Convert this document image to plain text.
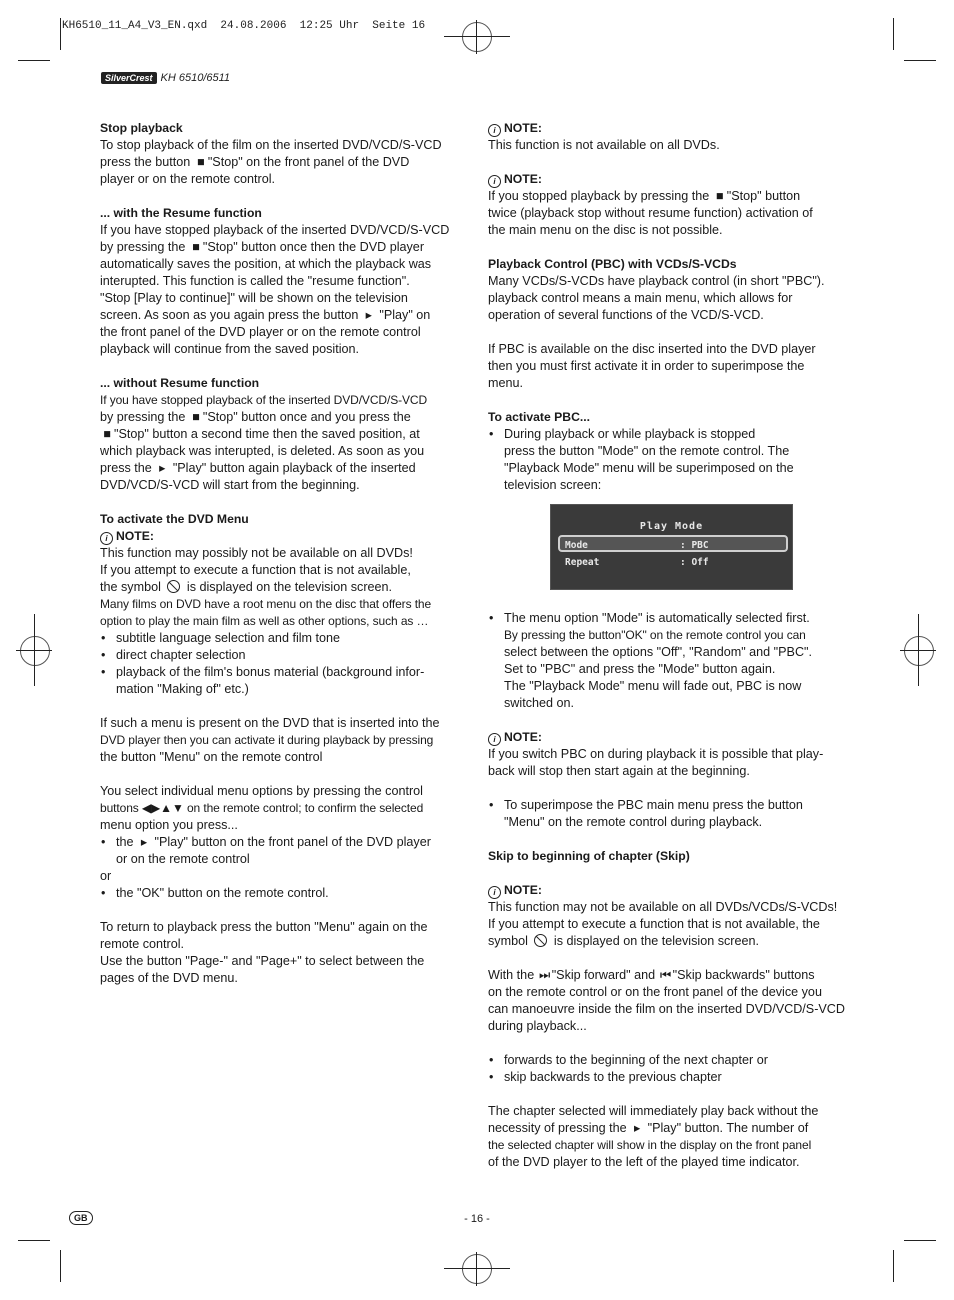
KH6510_11_A4_V3_EN.qxd  24.08.2006  12:25 Uhr  Seite 16
SilverCrest KH 6510/6511

Stop playback

To stop playback of the film on the inserted DVD/VCD/S-VCD

press the button ■ "Stop" on the front panel of the DVD

player or on the remote control.

... with the Resume function

If you have stopped playback of the inserted DVD/VCD/S-VCD

by pressing the ■ "Stop" button once then the DVD player

automatically saves the position, at which the playback was

interupted. This function is called the "resume function".

"Stop [Play to continue]" will be shown on the television

screen. As soon as you again press the button ▸ "Play" on

the front panel of the DVD player or on the remote control

playback will continue from the saved position.

... without Resume function

If you have stopped playback of the inserted DVD/VCD/S-VCD

by pressing the ■ "Stop" button once and you press the

■ "Stop" button a second time then the saved position, at

which playback was interupted, is deleted. As soon as you

press the ▸ "Play" button again playback of the inserted

DVD/VCD/S-VCD will start from the beginning.

To activate the DVD Menu

i NOTE:

This function may possibly not be available on all DVDs!

If you attempt to execute a function that is not available,

the symbol is displayed on the television screen.

Many films on DVD have a root menu on the disc that offers the

option to play the main film as well as other options, such as …

• subtitle language selection and film tone

• direct chapter selection

• playback of the film's bonus material (background infor-

mation "Making of" etc.)

If such a menu is present on the DVD that is inserted into the

DVD player then you can activate it during playback by pressing

the button "Menu" on the remote control

You select individual menu options by pressing the control

buttons ◀▶▲▼ on the remote control; to confirm the selected

menu option you press...

• the ▸ "Play" button on the front panel of the DVD player

or on the remote control

or

• the "OK" button on the remote control.

To return to playback press the button "Menu" again on the

remote control.

Use the button "Page-" and "Page+" to select between the

pages of the DVD menu.

i NOTE:

This function is not available on all DVDs.

i NOTE:

If you stopped playback by pressing the ■ "Stop" button

twice (playback stop without resume function) activation of

the main menu on the disc is not possible.

Playback Control (PBC) with VCDs/S-VCDs

Many VCDs/S-VCDs have playback control (in short "PBC").

playback control means a main menu, which allows for

operation of several functions of the VCD/S-VCD.

If PBC is available on the disc inserted into the DVD player

then you must first activate it in order to superimpose the

menu.

To activate PBC...

• During playback or while playback is stopped

press the button "Mode" on the remote control. The

"Playback Mode" menu will be superimposed on the

television screen:

Play Mode
Mode	: PBC
Repeat	: Off

• The menu option "Mode" is automatically selected first.

By pressing the button"OK" on the remote control you can

select between the options "Off", "Random" and "PBC".

Set to "PBC" and press the "Mode" button again.

The "Playback Mode" menu will fade out, PBC is now

switched on.

i NOTE:

If you switch PBC on during playback it is possible that play-

back will stop then start again at the beginning.

• To superimpose the PBC main menu press the button

"Menu" on the remote control during playback.

Skip to beginning of chapter (Skip)

i NOTE:

This function may not be available on all DVDs/VCDs/S-VCDs!

If you attempt to execute a function that is not available, the

symbol is displayed on the television screen.

With the ⏭"Skip forward" and ⏮"Skip backwards" buttons

on the remote control or on the front panel of the device you

can manoeuvre inside the film on the inserted DVD/VCD/S-VCD

during playback...

• forwards to the beginning of the next chapter or

• skip backwards to the previous chapter

The chapter selected will immediately play back without the

necessity of pressing the ▸ "Play" button. The number of

the selected chapter will show in the display on the front panel

of the DVD player to the left of the played time indicator.

GB	- 16 -
